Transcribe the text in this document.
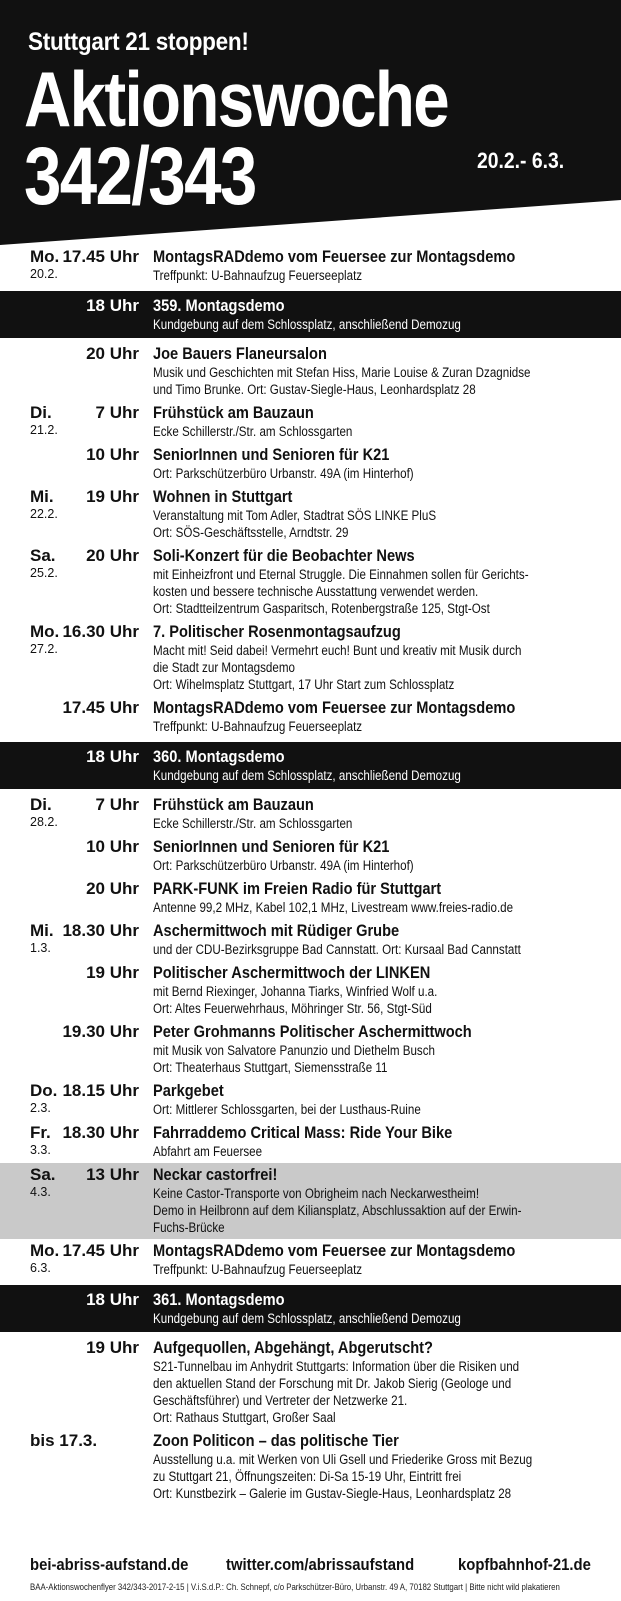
Stuttgart 21 stoppen!
Aktionswoche
342/343	20.2.- 6.3.
Mo. 17.45 Uhr
20.2.
MontagsRADdemo vom Feuersee zur Montagsdemo
Treffpunkt: U-Bahnaufzug Feuerseeplatz
18 Uhr 359. Montagsdemo
Kundgebung auf dem Schlossplatz, anschließend Demozug
20 Uhr Joe Bauers Flaneursalon
Musik und Geschichten mit Stefan Hiss, Marie Louise & Zuran Dzagnidse
und Timo Brunke. Ort: Gustav-Siegle-Haus, Leonhardsplatz 28
Di.	7 Uhr
21.2.
Frühstück am Bauzaun
Ecke Schillerstr./Str. am Schlossgarten
10 Uhr SeniorInnen und Senioren für K21
Ort: Parkschützerbüro Urbanstr. 49A (im Hinterhof)
Mi. 19 Uhr
22.2.
Wohnen in Stuttgart
Veranstaltung mit Tom Adler, Stadtrat SÖS LINKE PluS
Ort: SÖS-Geschäftsstelle, Arndtstr. 29
Sa. 20 Uhr
25.2.
Soli-Konzert für die Beobachter News
mit Einheizfront und Eternal Struggle. Die Einnahmen sollen für Gerichts-
kosten und bessere technische Ausstattung verwendet werden.
Ort: Stadtteilzentrum Gasparitsch, Rotenbergstraße 125, Stgt-Ost
Mo. 16.30 Uhr
27.2.
7. Politischer Rosenmontagsaufzug
Macht mit! Seid dabei! Vermehrt euch! Bunt und kreativ mit Musik durch
die Stadt zur Montagsdemo
Ort: Wihelmsplatz Stuttgart, 17 Uhr Start zum Schlossplatz
17.45 Uhr MontagsRADdemo vom Feuersee zur Montagsdemo
Treffpunkt: U-Bahnaufzug Feuerseeplatz
18 Uhr 360. Montagsdemo
Kundgebung auf dem Schlossplatz, anschließend Demozug
Di.	7 Uhr
28.2.
Frühstück am Bauzaun
Ecke Schillerstr./Str. am Schlossgarten
10 Uhr SeniorInnen und Senioren für K21
Ort: Parkschützerbüro Urbanstr. 49A (im Hinterhof)
20 Uhr PARK-FUNK im Freien Radio für Stuttgart
Antenne 99,2 MHz, Kabel 102,1 MHz, Livestream www.freies-radio.de
Mi. 18.30 Uhr
1.3.
Aschermittwoch mit Rüdiger Grube
und der CDU-Bezirksgruppe Bad Cannstatt. Ort: Kursaal Bad Cannstatt
19 Uhr Politischer Aschermittwoch der LINKEN
mit Bernd Riexinger, Johanna Tiarks, Winfried Wolf u.a.
Ort: Altes Feuerwehrhaus, Möhringer Str. 56, Stgt-Süd
19.30 Uhr Peter Grohmanns Politischer Aschermittwoch
mit Musik von Salvatore Panunzio und Diethelm Busch
Ort: Theaterhaus Stuttgart, Siemensstraße 11
Do. 18.15 Uhr
2.3.
Parkgebet
Ort: Mittlerer Schlossgarten, bei der Lusthaus-Ruine
Fr. 18.30 Uhr
3.3.
Fahrraddemo Critical Mass: Ride Your Bike
Abfahrt am Feuersee
Sa. 13 Uhr
4.3.
Neckar castorfrei!
Keine Castor-Transporte von Obrigheim nach Neckarwestheim!
Demo in Heilbronn auf dem Kiliansplatz, Abschlussaktion auf der Erwin-
Fuchs-Brücke
Mo. 17.45 Uhr
6.3.
MontagsRADdemo vom Feuersee zur Montagsdemo
Treffpunkt: U-Bahnaufzug Feuerseeplatz
18 Uhr 361. Montagsdemo
Kundgebung auf dem Schlossplatz, anschließend Demozug
19 Uhr Aufgequollen, Abgehängt, Abgerutscht?
S21-Tunnelbau im Anhydrit Stuttgarts: Information über die Risiken und
den aktuellen Stand der Forschung mit Dr. Jakob Sierig (Geologe und
Geschäftsführer) und Vertreter der Netzwerke 21.
Ort: Rathaus Stuttgart, Großer Saal
bis 17.3.	Zoon Politicon – das politische Tier
Ausstellung u.a. mit Werken von Uli Gsell und Friederike Gross mit Bezug
zu Stuttgart 21, Öffnungszeiten: Di-Sa 15-19 Uhr, Eintritt frei
Ort: Kunstbezirk – Galerie im Gustav-Siegle-Haus, Leonhardsplatz 28
bei-abriss-aufstand.de twitter.com/abrissaufstand	kopfbahnhof-21.de
BAA-Aktionswochenflyer 342/343-2017-2-15 | V.i.S.d.P.: Ch. Schnepf, c/o Parkschützer-Büro, Urbanstr. 49 A, 70182 Stuttgart | Bitte nicht wild plakatieren
